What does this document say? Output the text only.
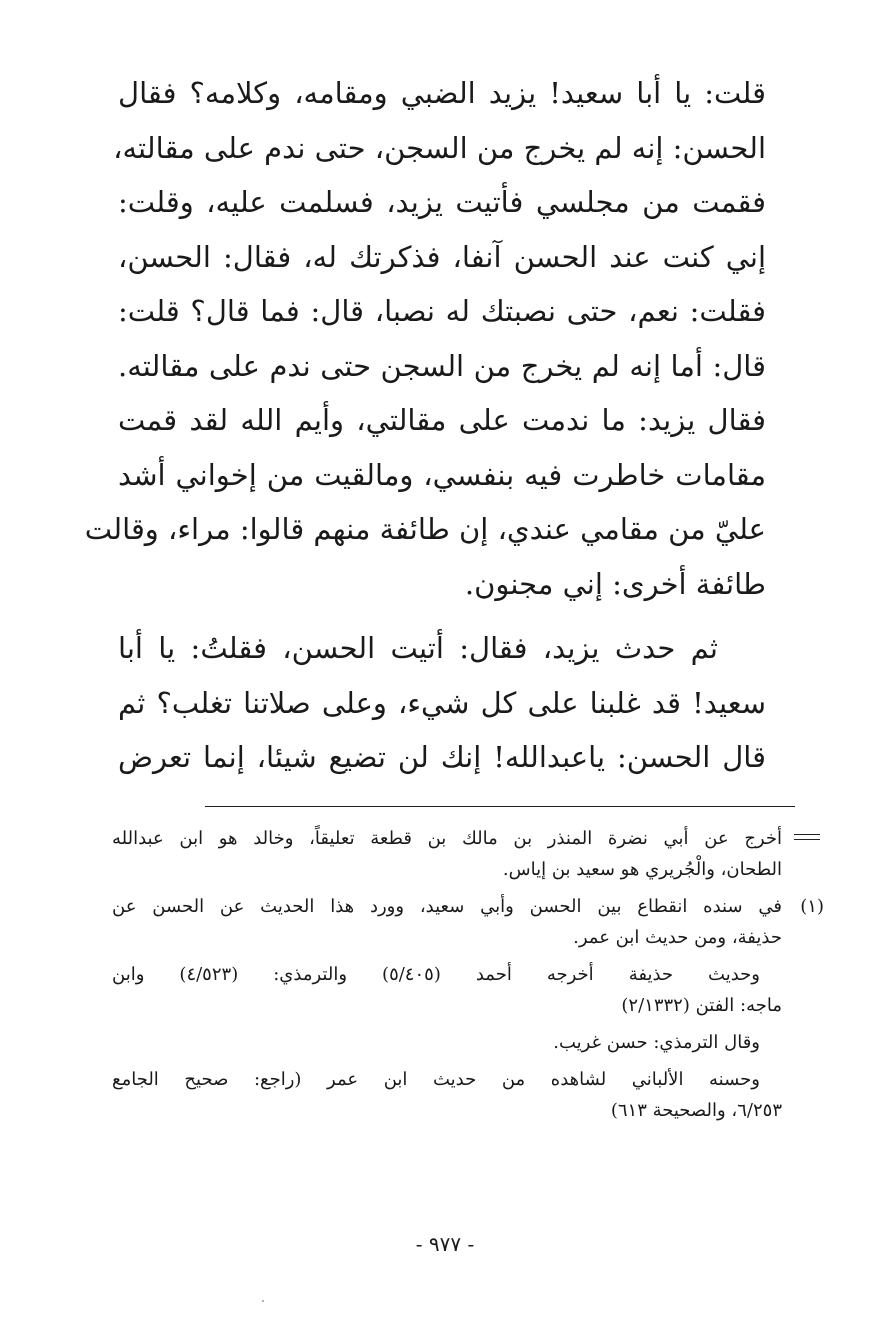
قلت: يا أبا سعيد! يزيد الضبي ومقامه، وكلامه؟ فقال
الحسن: إنه لم يخرج من السجن، حتى ندم على مقالته،
فقمت من مجلسي فأتيت يزيد، فسلمت عليه، وقلت:
إني كنت عند الحسن آنفا، فذكرتك له، فقال: الحسن،
فقلت: نعم، حتى نصبتك له نصبا، قال: فما قال؟ قلت:
قال: أما إنه لم يخرج من السجن حتى ندم على مقالته.
فقال يزيد: ما ندمت على مقالتي، وأيم الله لقد قمت
مقامات خاطرت فيه بنفسي، ومالقيت من إخواني أشد
عليّ من مقامي عندي، إن طائفة منهم قالوا: مراء، وقالت
طائفة أخرى: إني مجنون.
ثم حدث يزيد، فقال: أتيت الحسن، فقلتُ: يا أبا
سعيد! قد غلبنا على كل شيء، وعلى صلاتنا تغلب؟ ثم
قال الحسن: ياعبدالله! إنك لن تضيع شيئا، إنما تعرض
أخرج عن أبي نضرة المنذر بن مالك بن قطعة تعليقاً، وخالد هو ابن عبدالله
الطحان، والْجُريري هو سعيد بن إياس.
(١)
في سنده انقطاع بين الحسن وأبي سعيد، وورد هذا الحديث عن الحسن عن
حذيفة، ومن حديث ابن عمر.
وحديث حذيفة أخرجه أحمد (٥/٤٠٥) والترمذي: (٤/٥٢٣) وابن
ماجه: الفتن (٢/١٣٣٢)
وقال الترمذي: حسن غريب.
وحسنه الألباني لشاهده من حديث ابن عمر (راجع: صحيح الجامع
٦/٢٥٣، والصحيحة ٦١٣)
- ٩٧٧ -
